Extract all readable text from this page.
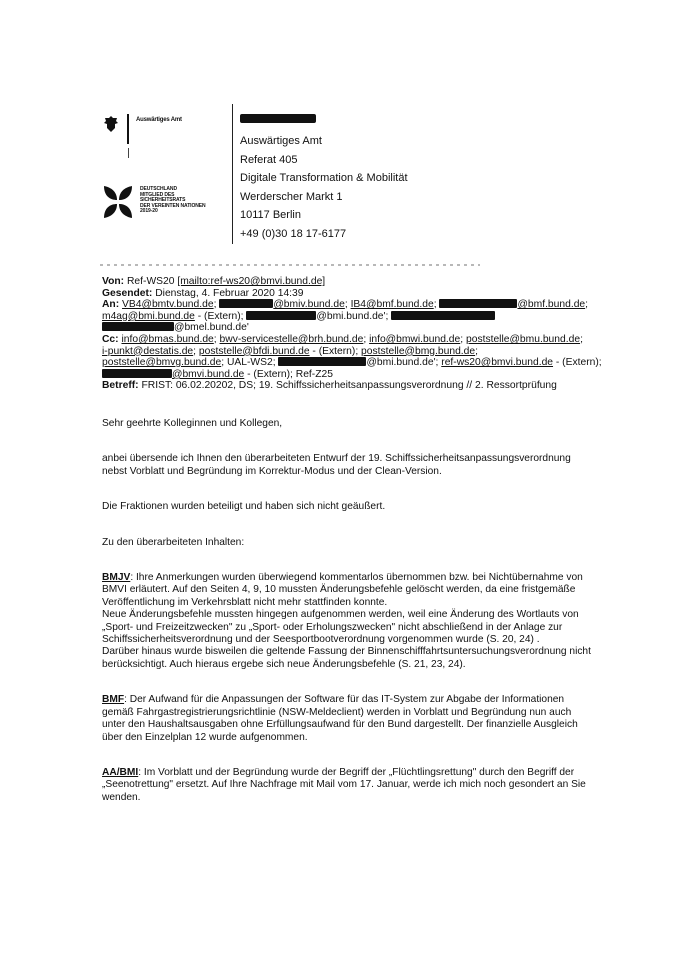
Auswärtiges Amt
DEUTSCHLAND
MITGLIED DES
SICHERHEITSRATS
DER VEREINTEN NATIONEN
2019-20
Auswärtiges Amt
Referat 405
Digitale Transformation & Mobilität
Werderscher Markt 1
10117 Berlin
+49 (0)30 18 17-6177
Von: Ref-WS20 [mailto:ref-ws20@bmvi.bund.de]
Gesendet: Dienstag, 4. Februar 2020 14:39
An: VB4@bmtv.bund.de;	@bmiv.bund.de; IB4@bmf.bund.de;	@bmf.bund.de;
m4ag@bmi.bund.de - (Extern);	@bmi.bund.de';
@bmel.bund.de'
Cc: info@bmas.bund.de; bwv-servicestelle@brh.bund.de; info@bmwi.bund.de; poststelle@bmu.bund.de;
i-punkt@destatis.de; poststelle@bfdi.bund.de - (Extern); poststelle@bmg.bund.de;
poststelle@bmvg.bund.de; UAL-WS2;	@bmi.bund.de'; ref-ws20@bmvi.bund.de - (Extern);
@bmvi.bund.de - (Extern); Ref-Z25
Betreff: FRIST: 06.02.20202, DS; 19. Schiffssicherheitsanpassungsverordnung // 2. Ressortprüfung

Sehr geehrte Kolleginnen und Kollegen,

anbei übersende ich Ihnen den überarbeiteten Entwurf der 19. Schiffssicherheitsanpassungsverordnung nebst Vorblatt und Begründung im Korrektur-Modus und der Clean-Version.

Die Fraktionen wurden beteiligt und haben sich nicht geäußert.

Zu den überarbeiteten Inhalten:

BMJV: Ihre Anmerkungen wurden überwiegend kommentarlos übernommen bzw. bei Nichtübernahme von BMVI erläutert. Auf den Seiten 4, 9, 10 mussten Änderungsbefehle gelöscht werden, da eine fristgemäße Veröffentlichung im Verkehrsblatt nicht mehr stattfinden konnte.

Neue Änderungsbefehle mussten hingegen aufgenommen werden, weil eine Änderung des Wortlauts von „Sport- und Freizeitzwecken" zu „Sport- oder Erholungszwecken" nicht abschließend in der Anlage zur Schiffssicherheitsverordnung und der Seesportbootverordnung vorgenommen wurde (S. 20, 24) .

Darüber hinaus wurde bisweilen die geltende Fassung der Binnenschifffahrtsuntersuchungsverordnung nicht berücksichtigt. Auch hieraus ergebe sich neue Änderungsbefehle (S. 21, 23, 24).

BMF: Der Aufwand für die Anpassungen der Software für das IT-System zur Abgabe der Informationen gemäß Fahrgastregistrierungsrichtlinie (NSW-Meldeclient) werden in Vorblatt und Begründung nun auch unter den Haushaltsausgaben ohne Erfüllungsaufwand für den Bund dargestellt. Der finanzielle Ausgleich über den Einzelplan 12 wurde aufgenommen.

AA/BMI: Im Vorblatt und der Begründung wurde der Begriff der „Flüchtlingsrettung" durch den Begriff der „Seenotrettung" ersetzt. Auf Ihre Nachfrage mit Mail vom 17. Januar, werde ich mich noch gesondert an Sie wenden.
